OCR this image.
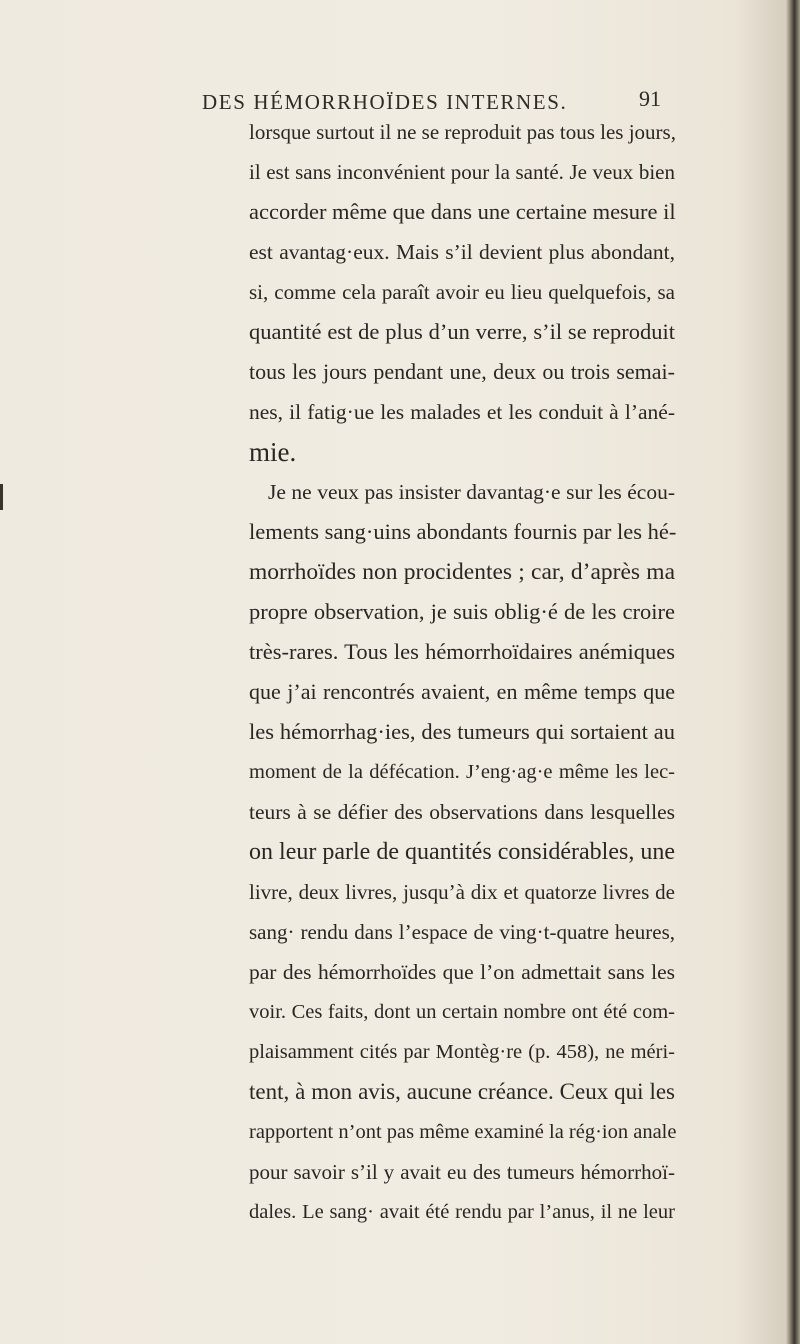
DES HÉMORRHOÏDES INTERNES.	91
lorsque surtout il ne se reproduit pas tous les jours,
il est sans inconvénient pour la santé. Je veux bien
accorder même que dans une certaine mesure il
est avantag·eux. Mais s’il devient plus abondant,
si, comme cela paraît avoir eu lieu quelquefois, sa
quantité est de plus d’un verre, s’il se reproduit
tous les jours pendant une, deux ou trois semai-
nes, il fatig·ue les malades et les conduit à l’ané-
mie.
Je ne veux pas insister davantag·e sur les écou-
lements sang·uins abondants fournis par les hé-
morrhoïdes non procidentes ; car, d’après ma
propre observation, je suis oblig·é de les croire
très-rares. Tous les hémorrhoïdaires anémiques
que j’ai rencontrés avaient, en même temps que
les hémorrhag·ies, des tumeurs qui sortaient au
moment de la défécation. J’eng·ag·e même les lec-
teurs à se défier des observations dans lesquelles
on leur parle de quantités considérables, une
livre, deux livres, jusqu’à dix et quatorze livres de
sang· rendu dans l’espace de ving·t-quatre heures,
par des hémorrhoïdes que l’on admettait sans les
voir. Ces faits, dont un certain nombre ont été com-
plaisamment cités par Montèg·re (p. 458), ne méri-
tent, à mon avis, aucune créance. Ceux qui les
rapportent n’ont pas même examiné la rég·ion anale
pour savoir s’il y avait eu des tumeurs hémorrhoï-
dales. Le sang· avait été rendu par l’anus, il ne leur
